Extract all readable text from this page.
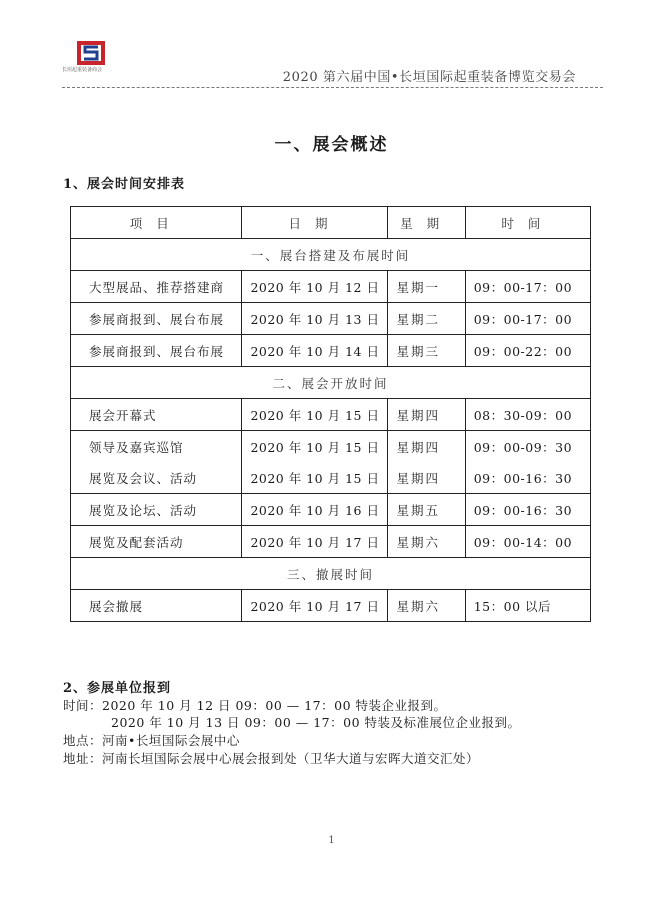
长垣起重装备商会	2020 第六届中国•长垣国际起重装备博览交易会
一、展会概述
1、展会时间安排表
项目	日期	星期	时间
一、展台搭建及布展时间			
大型展品、推荐搭建商	2020 年 10 月 12 日	星期一	09：00-17：00
参展商报到、展台布展	2020 年 10 月 13 日	星期二	09：00-17：00
参展商报到、展台布展	2020 年 10 月 14 日	星期三	09：00-22：00
二、展会开放时间			
展会开幕式	2020 年 10 月 15 日	星期四	08：30-09：00
领导及嘉宾巡馆	2020 年 10 月 15 日	星期四	09：00-09：30
展览及会议、活动	2020 年 10 月 15 日	星期四	09：00-16：30
展览及论坛、活动	2020 年 10 月 16 日	星期五	09：00-16：30
展览及配套活动	2020 年 10 月 17 日	星期六	09：00-14：00
三、撤展时间			
展会撤展	2020 年 10 月 17 日	星期六	15：00 以后
2、参展单位报到
时间：2020 年 10 月 12 日 09：00 — 17：00 特装企业报到。
2020 年 10 月 13 日 09：00 — 17：00 特装及标准展位企业报到。
地点：河南•长垣国际会展中心
地址：河南长垣国际会展中心展会报到处（卫华大道与宏晖大道交汇处）
1
